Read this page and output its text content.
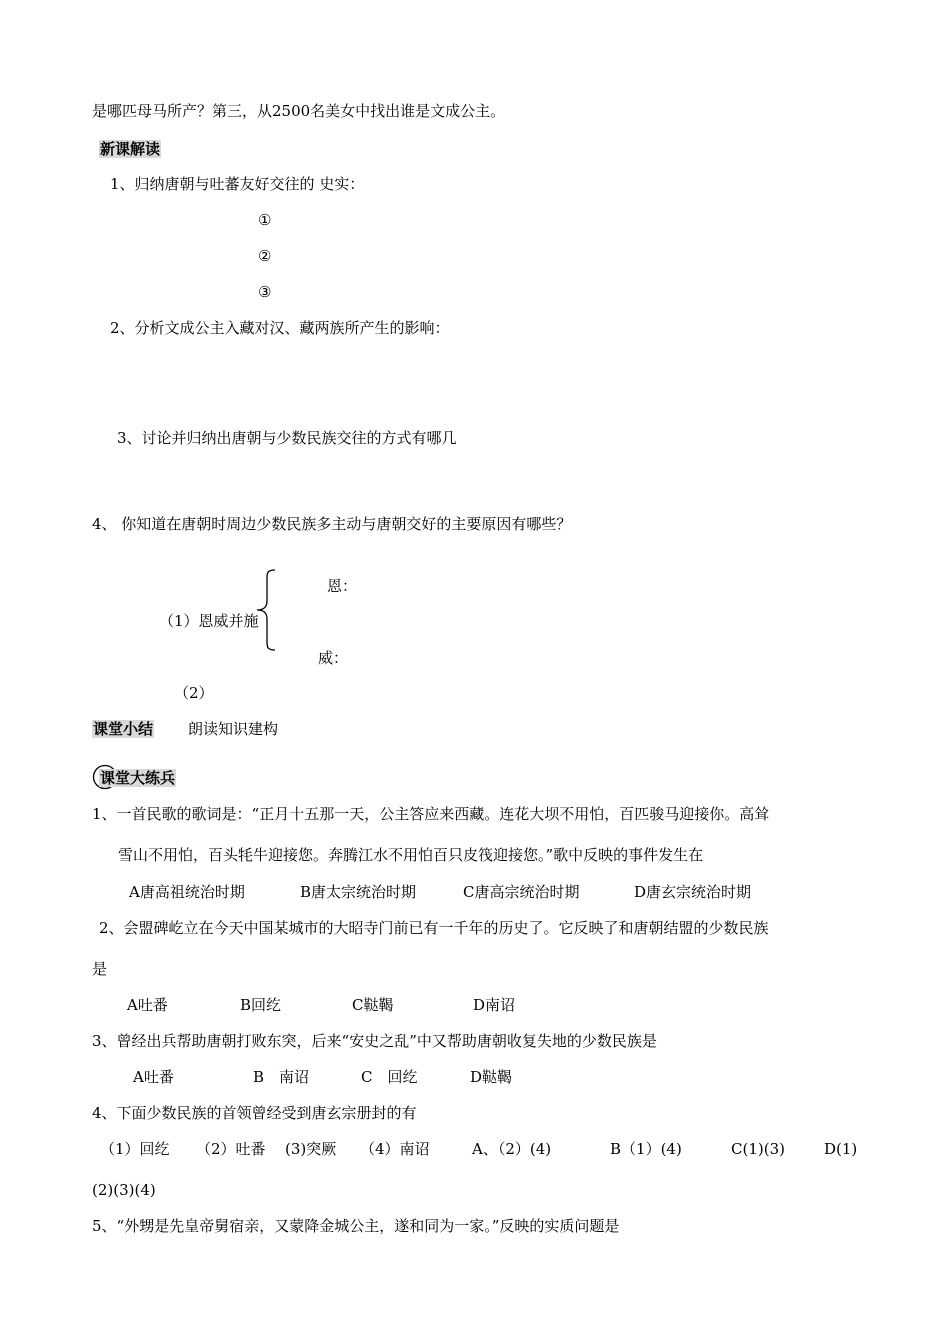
是哪匹母马所产？第三，从2500名美女中找出谁是文成公主。
新课解读
1、归纳唐朝与吐蕃友好交往的 史实：
①
②
③
2、分析文成公主入藏对汉、藏两族所产生的影响：
3、讨论并归纳出唐朝与少数民族交往的方式有哪几
4、 你知道在唐朝时周边少数民族多主动与唐朝交好的主要原因有哪些？
恩：
（1）恩威并施
威：
（2）
课堂小结 朗读知识建构
课堂大练兵
1、一首民歌的歌词是：“正月十五那一天，公主答应来西藏。连花大坝不用怕，百匹骏马迎接你。高耸
雪山不用怕，百头牦牛迎接您。奔腾江水不用怕百只皮筏迎接您。”歌中反映的事件发生在
A唐高祖统治时期	B唐太宗统治时期	C唐高宗统治时期	D唐玄宗统治时期
2、会盟碑屹立在今天中国某城市的大昭寺门前已有一千年的历史了。它反映了和唐朝结盟的少数民族
是
A吐番	B回纥	C鞑鞨	D南诏
3、曾经出兵帮助唐朝打败东突，后来“安史之乱”中又帮助唐朝收复失地的少数民族是
A吐番	B　南诏	C　回纥	D鞑鞨
4、下面少数民族的首领曾经受到唐玄宗册封的有
（1）回纥 （2）吐番 (3)突厥 （4）南诏	A、（2）(4)	B（1）(4)	C(1)(3)	D(1)
(2)(3)(4)
5、“外甥是先皇帝舅宿亲，又蒙降金城公主，遂和同为一家。”反映的实质问题是
